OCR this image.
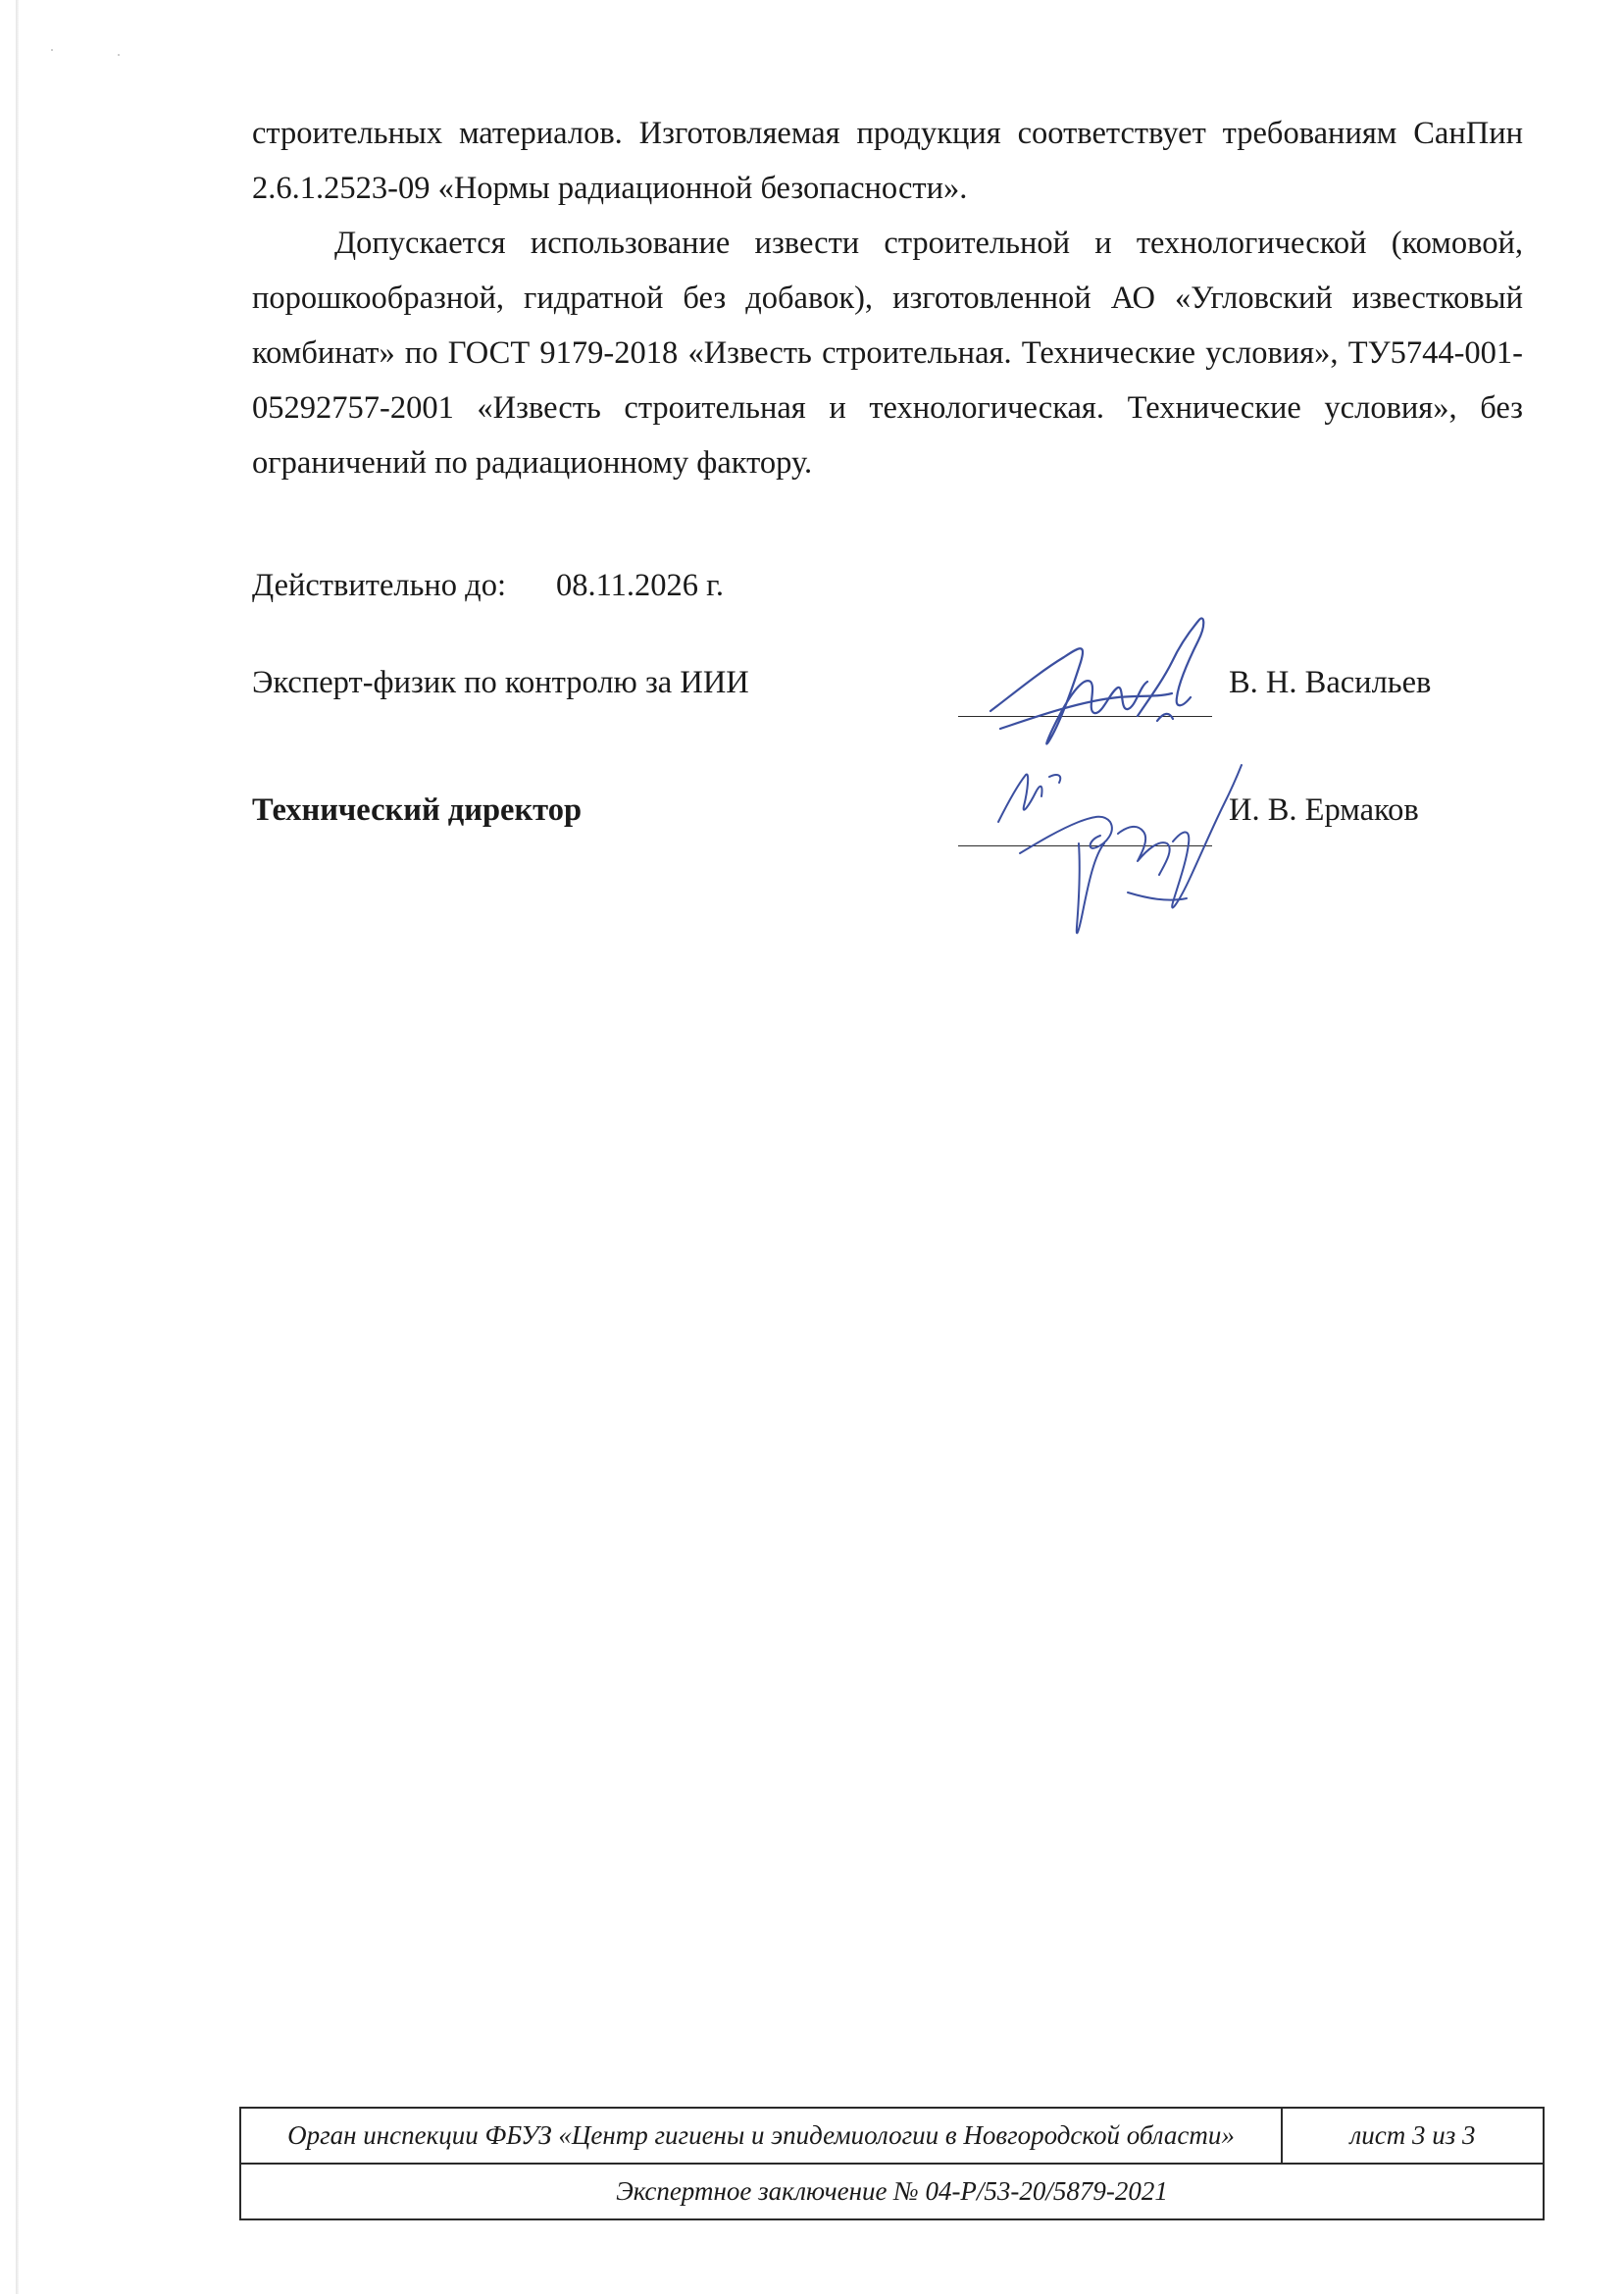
строительных материалов. Изготовляемая продукция соответствует требованиям СанПин 2.6.1.2523-09 «Нормы радиационной безопасности».

Допускается использование извести строительной и технологической (комовой, порошкообразной, гидратной без добавок), изготовленной АО «Угловский известковый комбинат» по ГОСТ 9179-2018 «Известь строительная. Технические условия», ТУ5744-001-05292757-2001 «Известь строительная и технологическая. Технические условия», без ограничений по радиационному фактору.

Действительно до: 08.11.2026 г.
Эксперт-физик по контролю за ИИИ	В. Н. Васильев
Технический директор	И. В. Ермаков
Орган инспекции ФБУЗ «Центр гигиены и эпидемиологии в Новгородской области»	лист 3 из 3
Экспертное заключение № 04-Р/53-20/5879-2021
